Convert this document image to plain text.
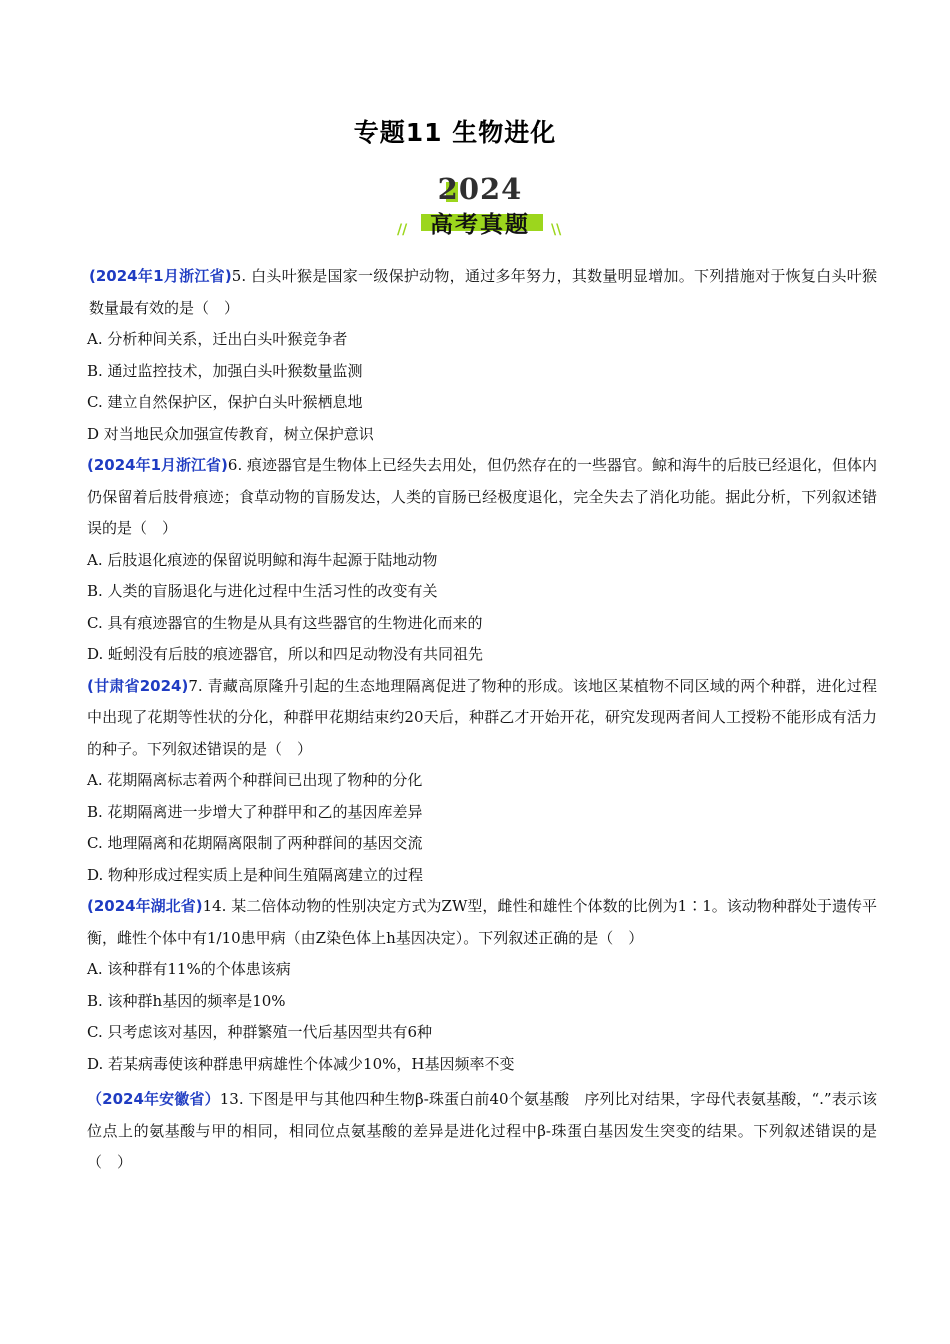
专题11 生物进化
2024
// 高考真题	\\

(2024年1月浙江省)5. 白头叶猴是国家一级保护动物，通过多年努力，其数量明显增加。下列措施对于恢复白头叶猴数量最有效的是（　）

A. 分析种间关系，迁出白头叶猴竞争者

B. 通过监控技术，加强白头叶猴数量监测

C. 建立自然保护区，保护白头叶猴栖息地

D 对当地民众加强宣传教育，树立保护意识

(2024年1月浙江省)6. 痕迹器官是生物体上已经失去用处，但仍然存在的一些器官。鲸和海牛的后肢已经退化，但体内仍保留着后肢骨痕迹；食草动物的盲肠发达，人类的盲肠已经极度退化，完全失去了消化功能。据此分析，下列叙述错误的是（　）

A. 后肢退化痕迹的保留说明鲸和海牛起源于陆地动物

B. 人类的盲肠退化与进化过程中生活习性的改变有关

C. 具有痕迹器官的生物是从具有这些器官的生物进化而来的

D. 蚯蚓没有后肢的痕迹器官，所以和四足动物没有共同祖先

(甘肃省2024)7. 青藏高原隆升引起的生态地理隔离促进了物种的形成。该地区某植物不同区域的两个种群，进化过程中出现了花期等性状的分化，种群甲花期结束约20天后，种群乙才开始开花，研究发现两者间人工授粉不能形成有活力的种子。下列叙述错误的是（　）

A. 花期隔离标志着两个种群间已出现了物种的分化

B. 花期隔离进一步增大了种群甲和乙的基因库差异

C. 地理隔离和花期隔离限制了两种群间的基因交流

D. 物种形成过程实质上是种间生殖隔离建立的过程

(2024年湖北省)14. 某二倍体动物的性别决定方式为ZW型，雌性和雄性个体数的比例为1∶1。该动物种群处于遗传平衡，雌性个体中有1/10患甲病（由Z染色体上h基因决定）。下列叙述正确的是（　）

A. 该种群有11%的个体患该病

B. 该种群h基因的频率是10%

C. 只考虑该对基因，种群繁殖一代后基因型共有6种

D. 若某病毒使该种群患甲病雄性个体减少10%，H基因频率不变

（2024年安徽省）13. 下图是甲与其他四种生物β-珠蛋白前40个氨基酸　序列比对结果，字母代表氨基酸，“.”表示该位点上的氨基酸与甲的相同，相同位点氨基酸的差异是进化过程中β-珠蛋白基因发生突变的结果。下列叙述错误的是（　）
